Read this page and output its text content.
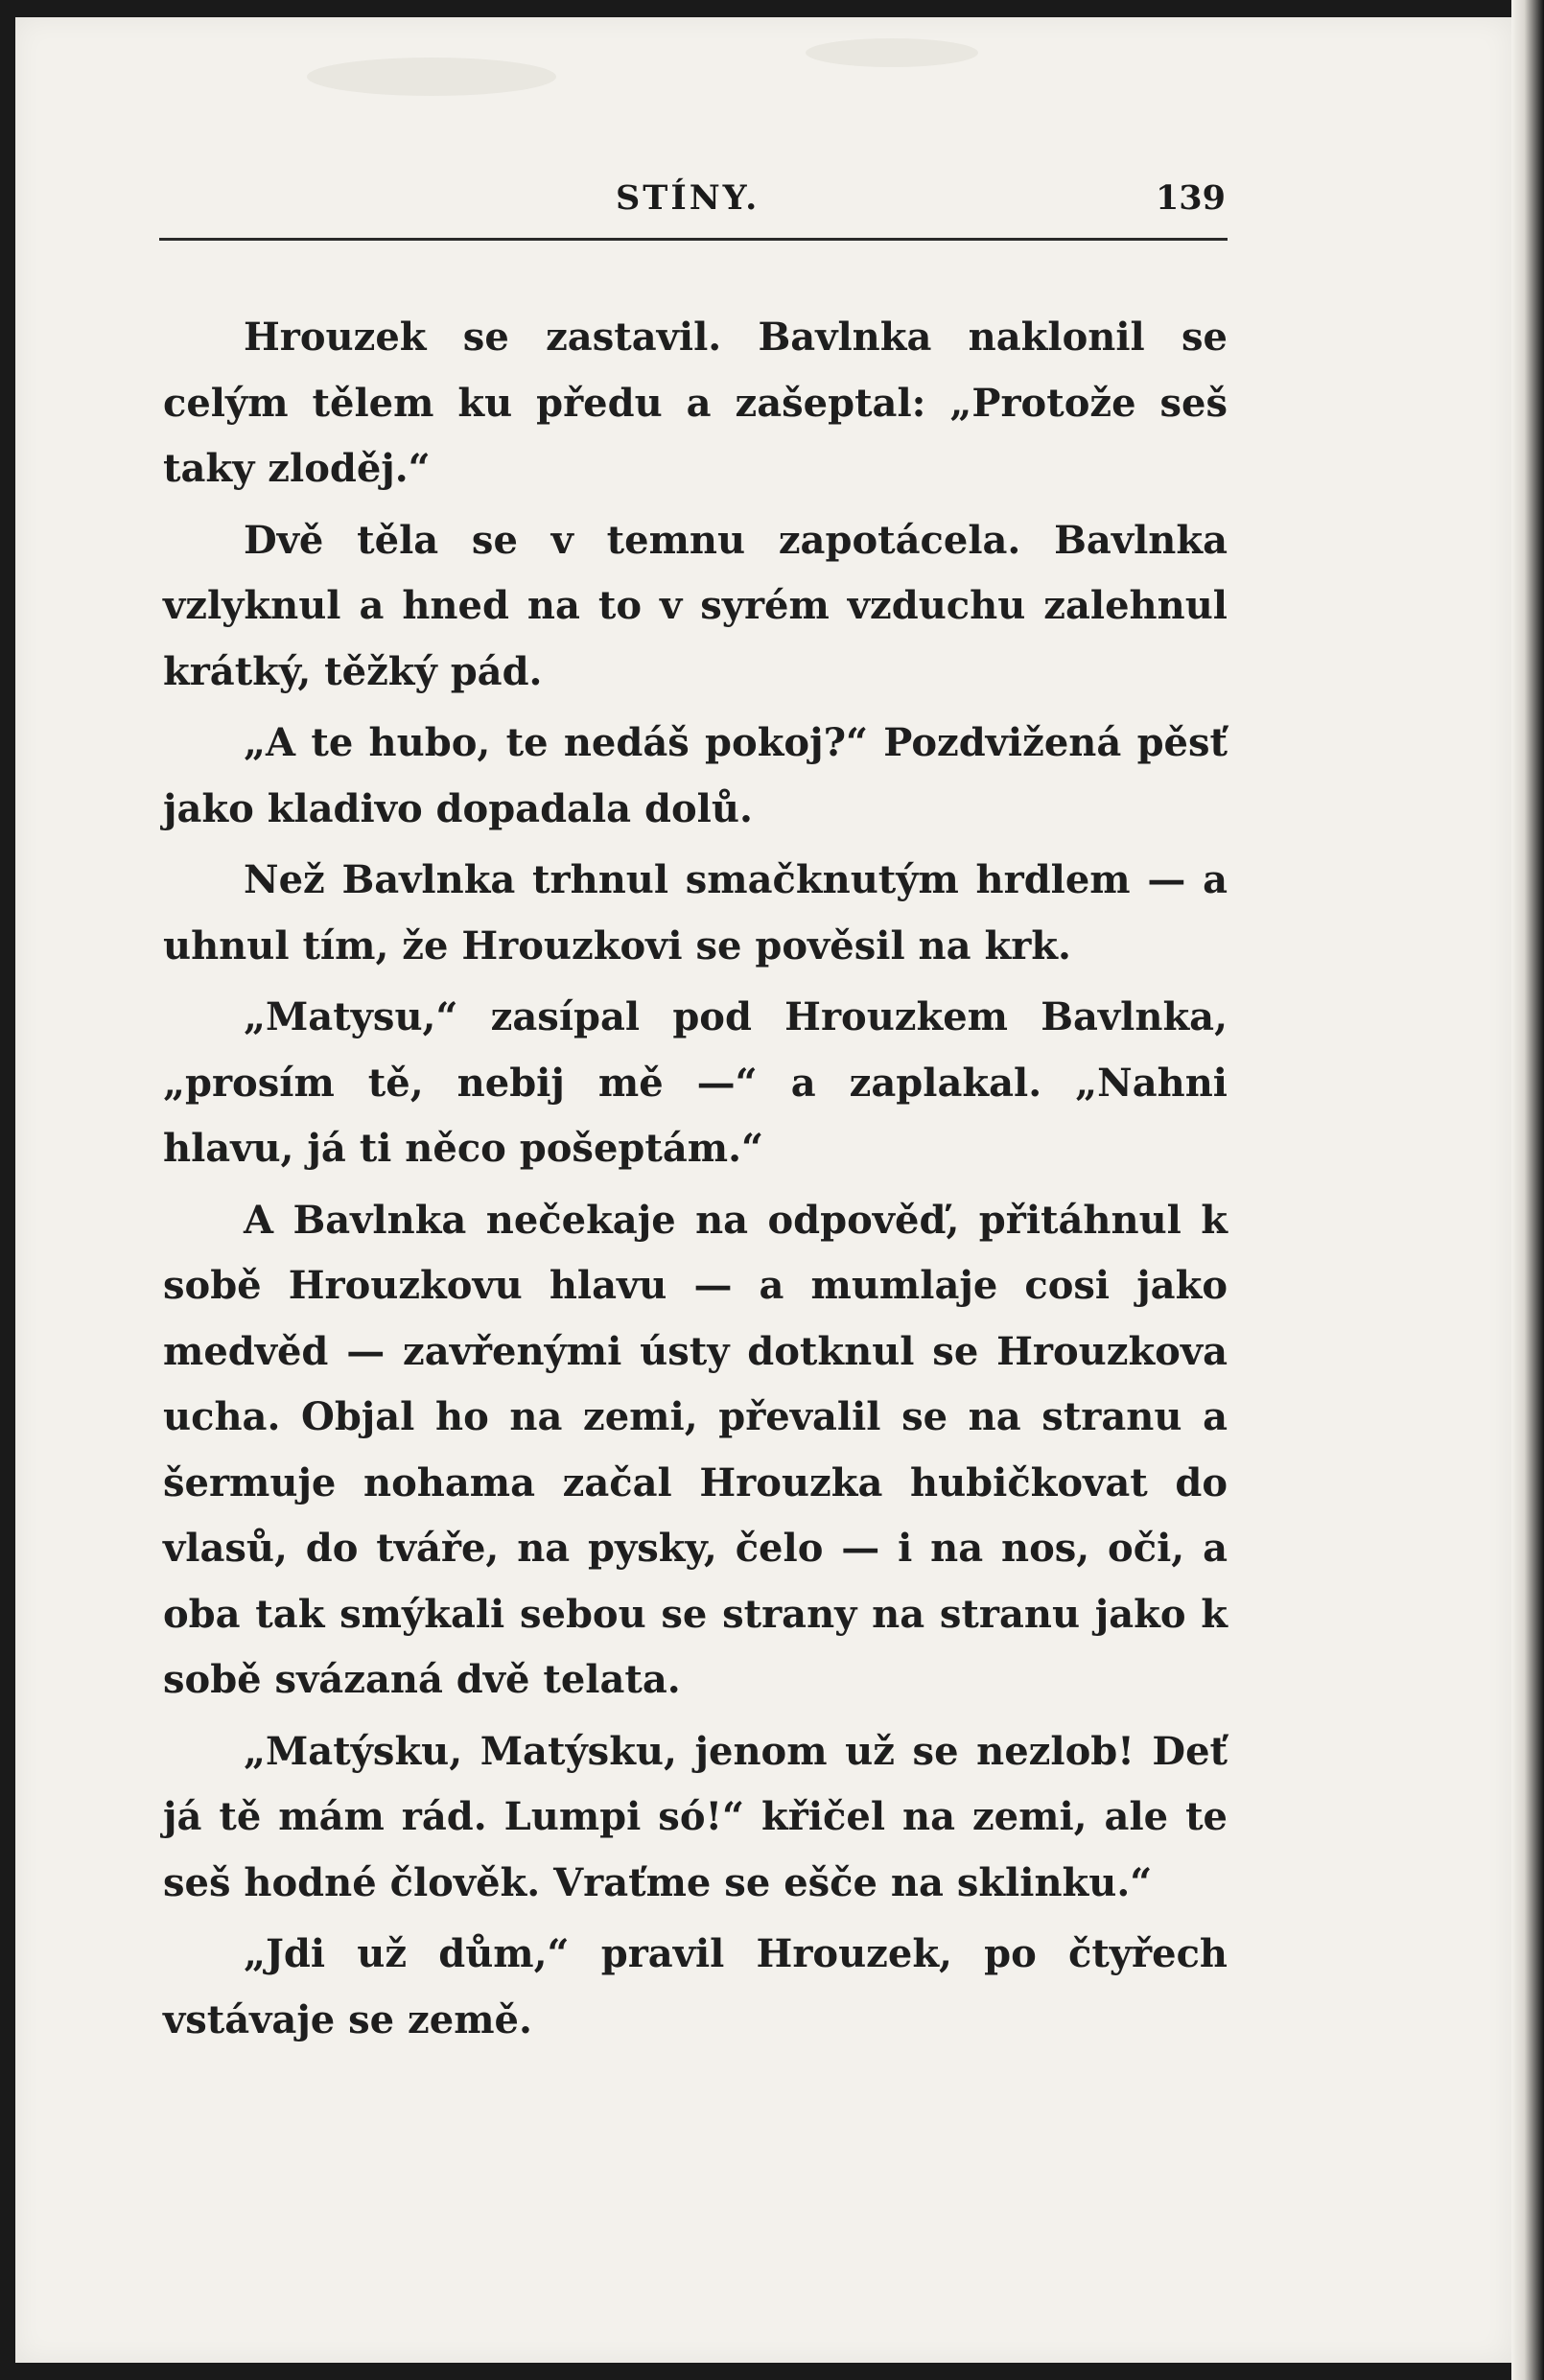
STÍNY.	139

Hrouzek se zastavil. Bavlnka naklonil se celým tělem ku předu a zašeptal: „Protože seš taky zloděj.“

Dvě těla se v temnu zapotácela. Bavlnka vzlyknul a hned na to v syrém vzduchu zalehnul krátký, těžký pád.

„A te hubo, te nedáš pokoj?“ Pozdvižená pěsť jako kladivo dopadala dolů.

Než Bavlnka trhnul smačknutým hrdlem — a uhnul tím, že Hrouzkovi se pověsil na krk.

„Matysu,“ zasípal pod Hrouzkem Bavlnka, „prosím tě, nebij mě —“ a zaplakal. „Nahni hlavu, já ti něco pošeptám.“

A Bavlnka nečekaje na odpověď, přitáhnul k sobě Hrouzkovu hlavu — a mumlaje cosi jako medvěd — zavřenými ústy dotknul se Hrouzkova ucha. Objal ho na zemi, převalil se na stranu a šermuje nohama začal Hrouzka hubičkovat do vlasů, do tváře, na pysky, čelo — i na nos, oči, a oba tak smýkali sebou se strany na stranu jako k sobě svázaná dvě telata.

„Matýsku, Matýsku, jenom už se nezlob! Deť já tě mám rád. Lumpi só!“ křičel na zemi, ale te seš hodné člověk. Vraťme se ešče na sklinku.“

„Jdi už dům,“ pravil Hrouzek, po čtyřech vstávaje se země.
